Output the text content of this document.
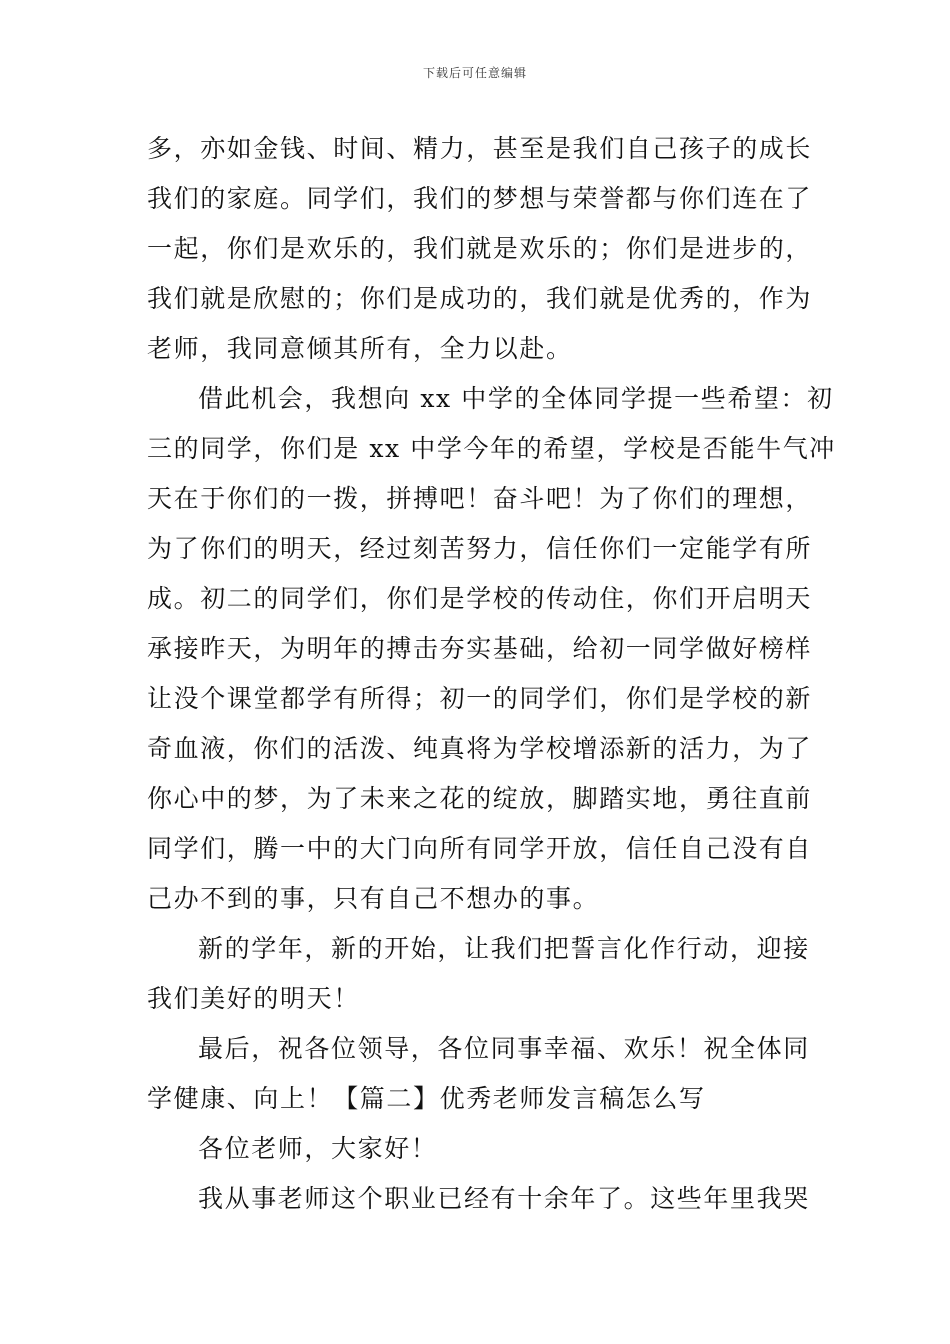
下载后可任意编辑
多，亦如金钱、时间、精力，甚至是我们自己孩子的成长
我们的家庭。同学们，我们的梦想与荣誉都与你们连在了
一起，你们是欢乐的，我们就是欢乐的；你们是进步的，
我们就是欣慰的；你们是成功的，我们就是优秀的，作为
老师，我同意倾其所有，全力以赴。
借此机会，我想向 xx 中学的全体同学提一些希望：初
三的同学，你们是 xx 中学今年的希望，学校是否能牛气冲
天在于你们的一拨，拼搏吧！奋斗吧！为了你们的理想，
为了你们的明天，经过刻苦努力，信任你们一定能学有所
成。初二的同学们，你们是学校的传动住，你们开启明天
承接昨天，为明年的搏击夯实基础，给初一同学做好榜样
让没个课堂都学有所得；初一的同学们，你们是学校的新
奇血液，你们的活泼、纯真将为学校增添新的活力，为了
你心中的梦，为了未来之花的绽放，脚踏实地，勇往直前
同学们，腾一中的大门向所有同学开放，信任自己没有自
己办不到的事，只有自己不想办的事。
新的学年，新的开始，让我们把誓言化作行动，迎接
我们美好的明天！
最后，祝各位领导，各位同事幸福、欢乐！祝全体同
学健康、向上！【篇二】优秀老师发言稿怎么写
各位老师，大家好！
我从事老师这个职业已经有十余年了。这些年里我哭
